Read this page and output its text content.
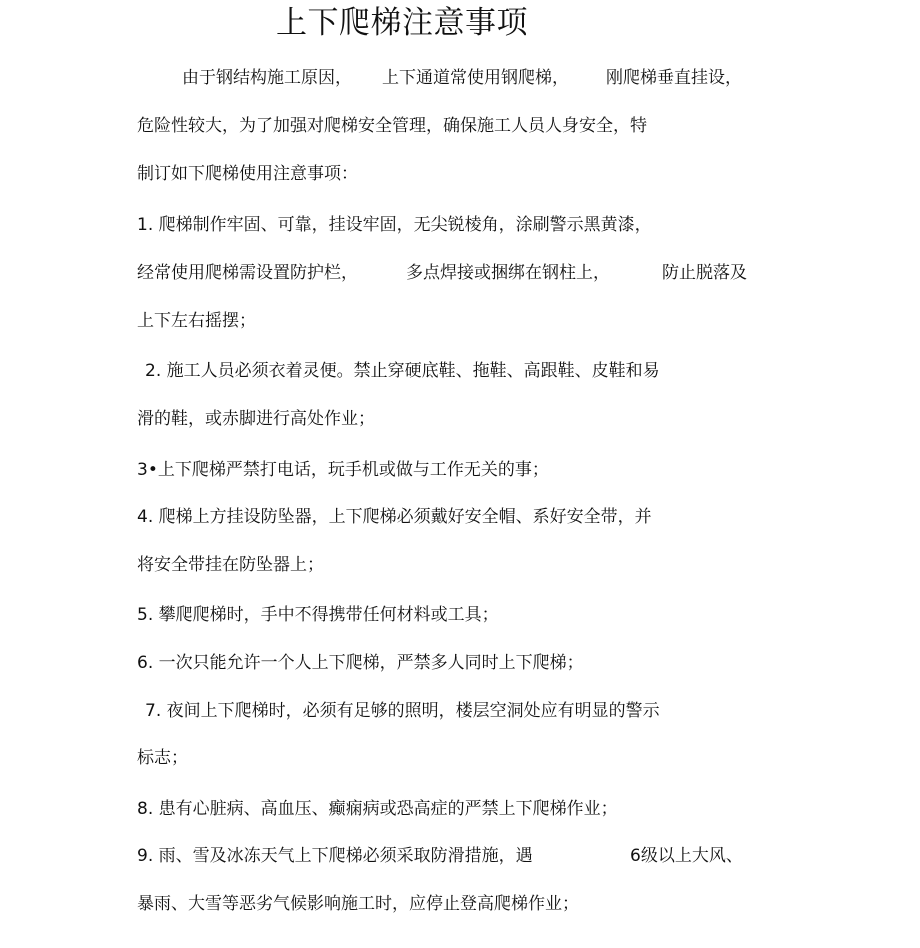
上下爬梯注意事项
由于钢结构施工原因， 上下通道常使用钢爬梯， 刚爬梯垂直挂设，
危险性较大，为了加强对爬梯安全管理，确保施工人员人身安全，特
制订如下爬梯使用注意事项：
1. 爬梯制作牢固、可靠，挂设牢固，无尖锐棱角，涂刷警示黑黄漆，
经常使用爬梯需设置防护栏，	多点焊接或捆绑在钢柱上，	防止脱落及
上下左右摇摆；
2. 施工人员必须衣着灵便。禁止穿硬底鞋、拖鞋、高跟鞋、皮鞋和易
滑的鞋，或赤脚进行高处作业；
3•上下爬梯严禁打电话，玩手机或做与工作无关的事；
4. 爬梯上方挂设防坠器，上下爬梯必须戴好安全帽、系好安全带，并
将安全带挂在防坠器上；
5. 攀爬爬梯时，手中不得携带任何材料或工具；
6. 一次只能允许一个人上下爬梯，严禁多人同时上下爬梯；
7. 夜间上下爬梯时，必须有足够的照明，楼层空洞处应有明显的警示
标志；
8. 患有心脏病、高血压、癫痫病或恐高症的严禁上下爬梯作业；
9. 雨、雪及冰冻天气上下爬梯必须采取防滑措施，遇	6级以上大风、
暴雨、大雪等恶劣气候影响施工时，应停止登高爬梯作业；
